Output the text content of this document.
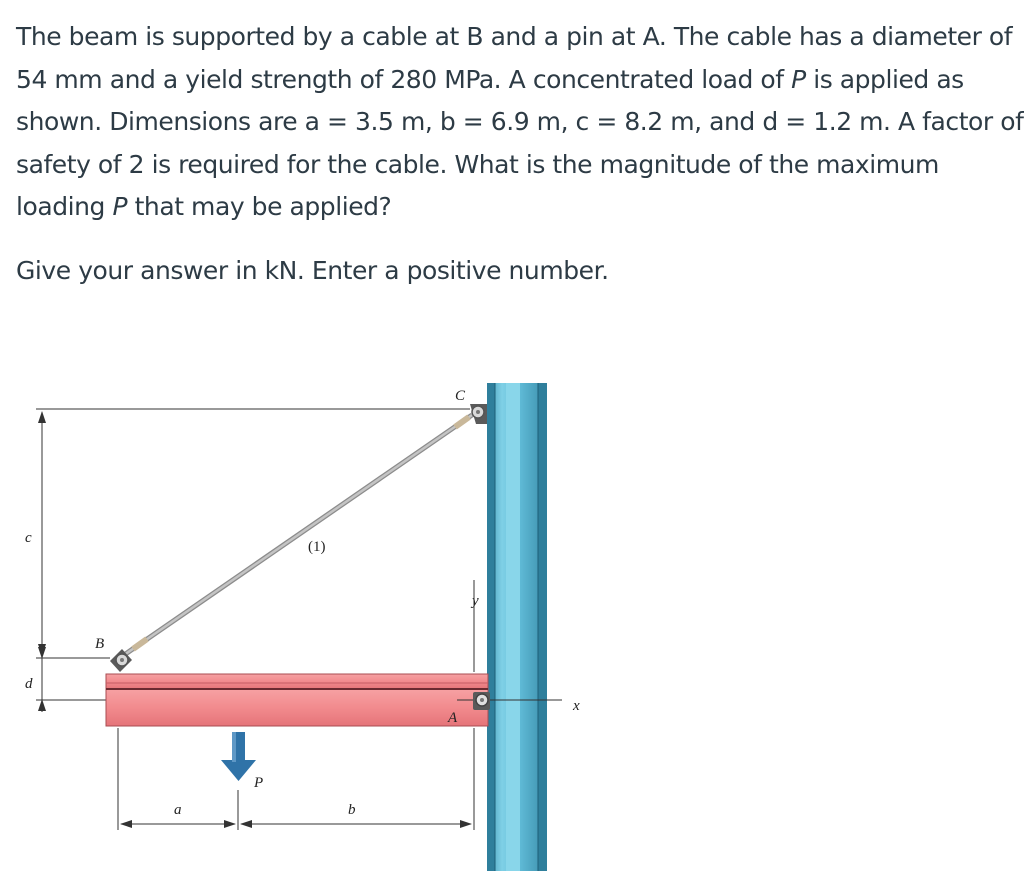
The beam is supported by a cable at B and a pin at A. The cable has a diameter of
54 mm and a yield strength of 280 MPa. A concentrated load of P is applied as
shown. Dimensions are a = 3.5 m, b = 6.9 m, c = 8.2 m, and d = 1.2 m. A factor of
safety of 2 is required for the cable. What is the magnitude of the maximum
loading P that may be applied?
Give your answer in kN. Enter a positive number.
C
B
A
P
(1)
x
y
a	b
c
d
